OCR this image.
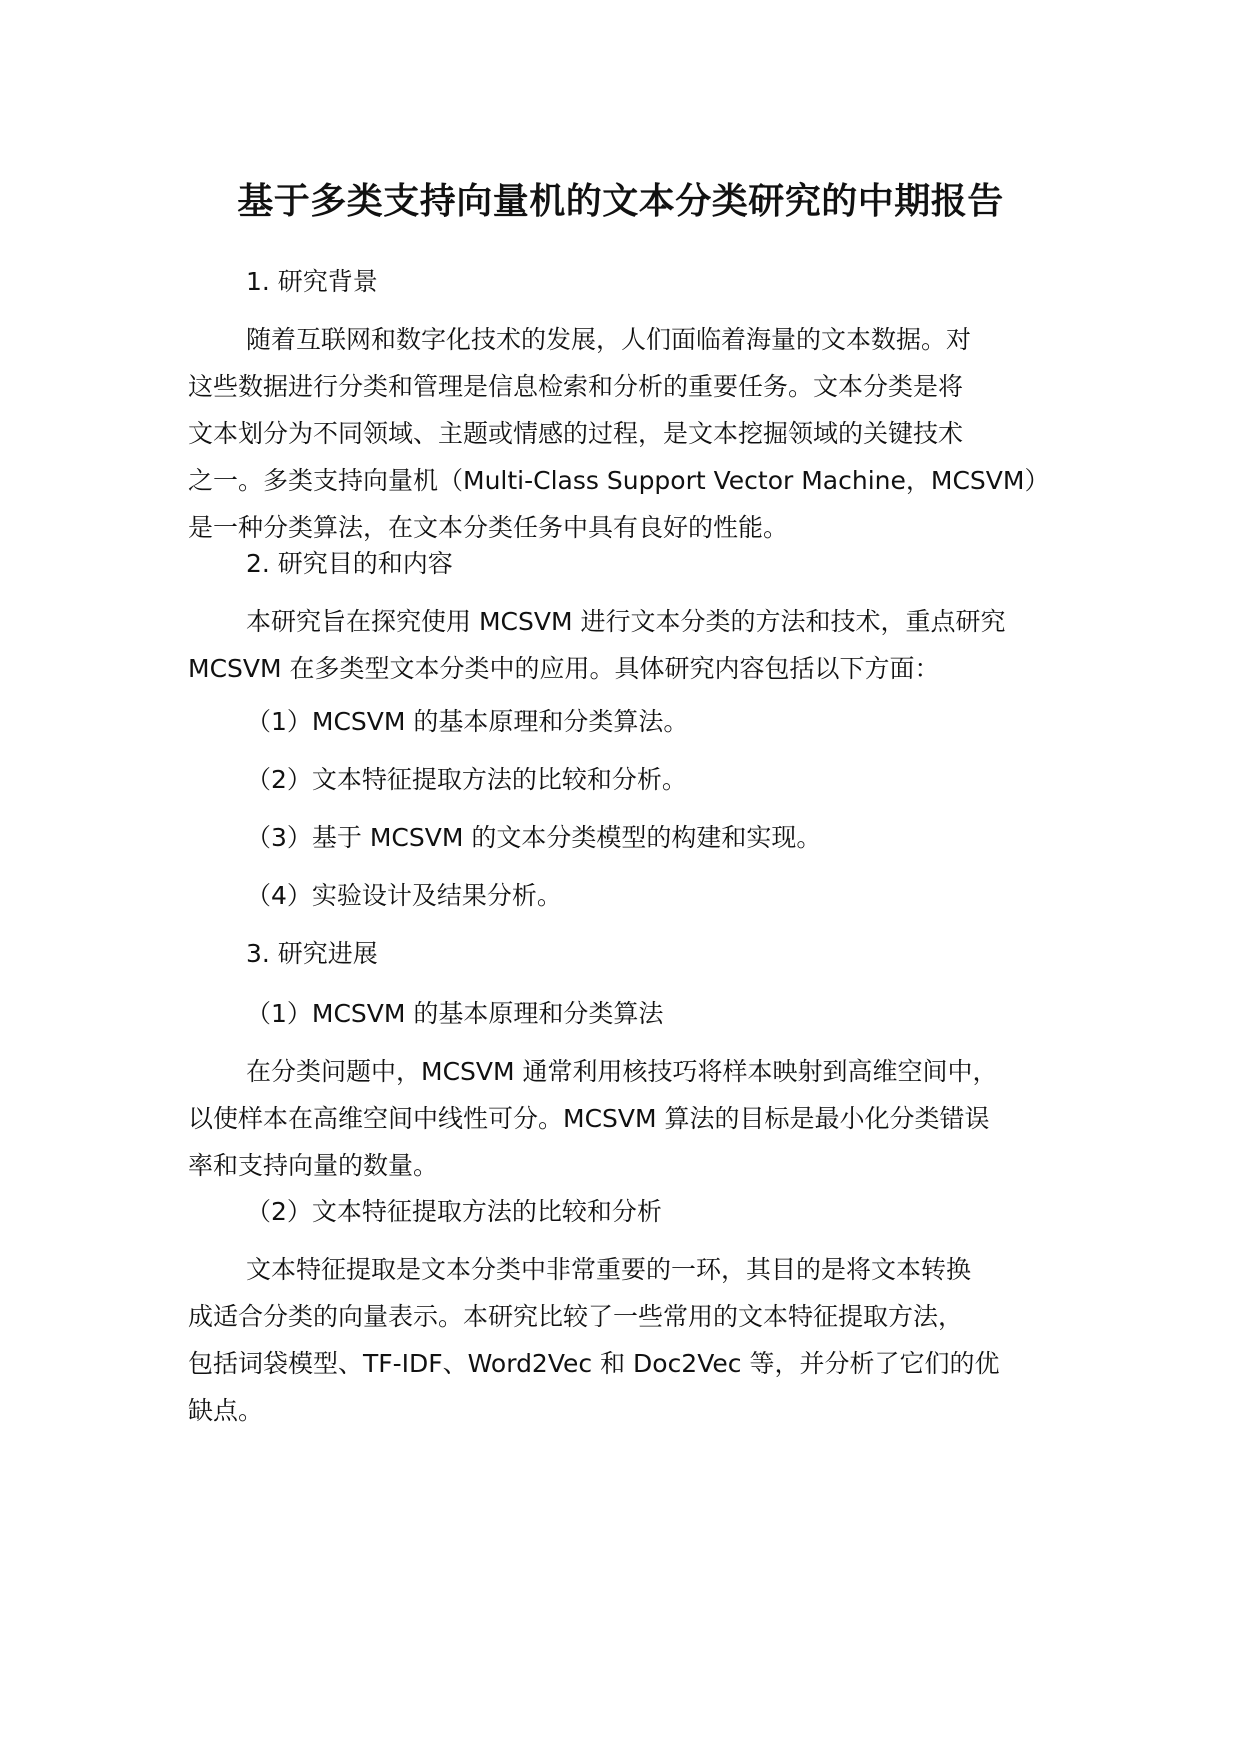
基于多类支持向量机的文本分类研究的中期报告
1. 研究背景
随着互联网和数字化技术的发展，人们面临着海量的文本数据。对
这些数据进行分类和管理是信息检索和分析的重要任务。文本分类是将
文本划分为不同领域、主题或情感的过程，是文本挖掘领域的关键技术
之一。多类支持向量机（Multi-Class Support Vector Machine，MCSVM）
是一种分类算法，在文本分类任务中具有良好的性能。
2. 研究目的和内容
本研究旨在探究使用 MCSVM 进行文本分类的方法和技术，重点研究
MCSVM 在多类型文本分类中的应用。具体研究内容包括以下方面：
（1）MCSVM 的基本原理和分类算法。
（2）文本特征提取方法的比较和分析。
（3）基于 MCSVM 的文本分类模型的构建和实现。
（4）实验设计及结果分析。
3. 研究进展
（1）MCSVM 的基本原理和分类算法
在分类问题中，MCSVM 通常利用核技巧将样本映射到高维空间中，
以使样本在高维空间中线性可分。MCSVM 算法的目标是最小化分类错误
率和支持向量的数量。
（2）文本特征提取方法的比较和分析
文本特征提取是文本分类中非常重要的一环，其目的是将文本转换
成适合分类的向量表示。本研究比较了一些常用的文本特征提取方法，
包括词袋模型、TF-IDF、Word2Vec 和 Doc2Vec 等，并分析了它们的优
缺点。
